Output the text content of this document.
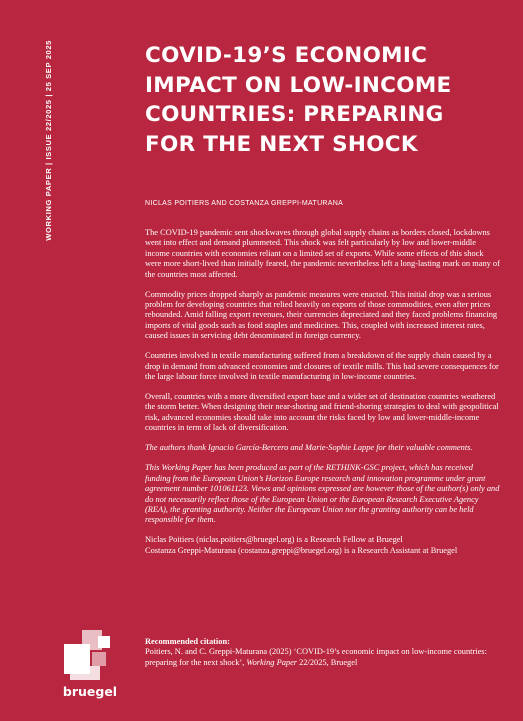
WORKING PAPER | ISSUE 22/2025 | 25 SEP 2025	COVID-19’S ECONOMIC
IMPACT ON LOW-INCOME
COUNTRIES: PREPARING
FOR THE NEXT SHOCK
NICLAS POITIERS AND COSTANZA GREPPI-MATURANA

The COVID-19 pandemic sent shockwaves through global supply chains as borders closed, lockdowns went into effect and demand plummeted. This shock was felt particularly by low and lower-middle income countries with economies reliant on a limited set of exports. While some effects of this shock were more short-lived than initially feared, the pandemic nevertheless left a long-lasting mark on many of the countries most affected.

Commodity prices dropped sharply as pandemic measures were enacted. This initial drop was a serious problem for developing countries that relied heavily on exports of those commodities, even after prices rebounded. Amid falling export revenues, their currencies depreciated and they faced problems financing imports of vital goods such as food staples and medicines. This, coupled with increased interest rates, caused issues in servicing debt denominated in foreign currency.

Countries involved in textile manufacturing suffered from a breakdown of the supply chain caused by a drop in demand from advanced economies and closures of textile mills. This had severe consequences for the large labour force involved in textile manufacturing in low-income countries.

Overall, countries with a more diversified export base and a wider set of destination countries weathered the storm better. When designing their near-shoring and friend-shoring strategies to deal with geopolitical risk, advanced economies should take into account the risks faced by low and lower-middle-income countries in term of lack of diversification.

The authors thank Ignacio García-Bercero and Marie-Sophie Lappe for their valuable comments.

This Working Paper has been produced as part of the RETHINK-GSC project, which has received funding from the European Union’s Horizon Europe research and innovation programme under grant agreement number 101061123. Views and opinions expressed are however those of the author(s) only and do not necessarily reflect those of the European Union or the European Research Executive Agency (REA), the granting authority. Neither the European Union nor the granting authority can be held responsible for them.

Niclas Poitiers (niclas.poitiers@bruegel.org) is a Research Fellow at Bruegel
Costanza Greppi-Maturana (costanza.greppi@bruegel.org) is a Research Assistant at Bruegel

bruegel
Recommended citation:
Poitiers, N. and C. Greppi-Maturana (2025) ‘COVID-19’s economic impact on low-income countries: preparing for the next shock’, Working Paper 22/2025, Bruegel
